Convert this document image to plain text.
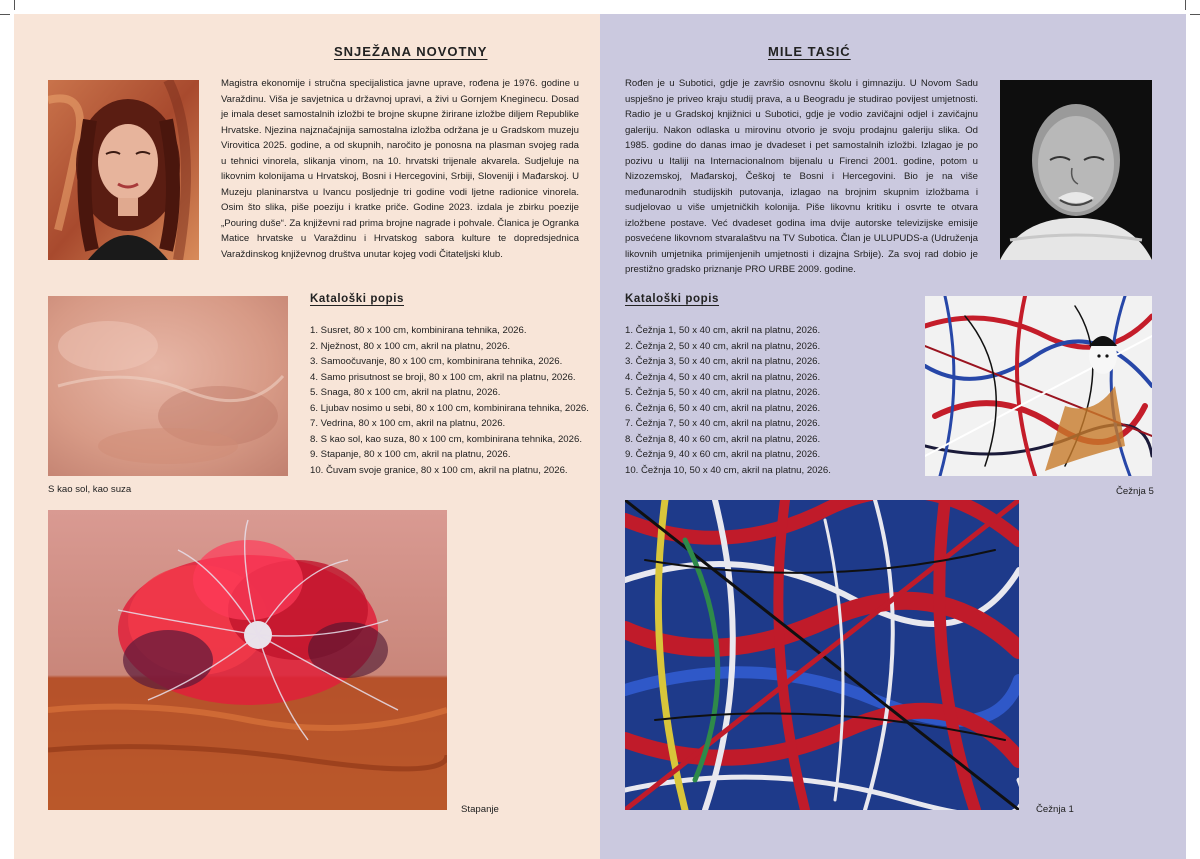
SNJEŽANA NOVOTNY
Magistra ekonomije i stručna specijalistica javne uprave, rođena je 1976. godine u Varaždinu. Viša je savjetnica u državnoj upravi, a živi u Gornjem Kneginecu. Dosad je imala deset samostalnih izložbi te brojne skupne žirirane izložbe diljem Republike Hrvatske. Njezina najznačajnija samostalna izložba održana je u Gradskom muzeju Virovitica 2025. godine, a od skupnih, naročito je ponosna na plasman svojeg rada u tehnici vinorela, slikanja vinom, na 10. hrvatski trijenale akvarela. Sudjeluje na likovnim kolonijama u Hrvatskoj, Bosni i Hercegovini, Srbiji, Sloveniji i Mađarskoj. U Muzeju planinarstva u Ivancu posljednje tri godine vodi ljetne radionice vinorela. Osim što slika, piše poeziju i kratke priče. Godine 2023. izdala je zbirku poezije „Pouring duše“. Za književni rad prima brojne nagrade i pohvale. Članica je Ogranka Matice hrvatske u Varaždinu i Hrvatskog sabora kulture te dopredsjednica Varaždinskog književnog društva unutar kojeg vodi Čitateljski klub.
Kataloški popis
1. Susret, 80 x 100 cm, kombinirana tehnika, 2026.
2. Nježnost, 80 x 100 cm, akril na platnu, 2026.
3. Samoočuvanje, 80 x 100 cm, kombinirana tehnika, 2026.
4. Samo prisutnost se broji, 80 x 100 cm, akril na platnu, 2026.
5. Snaga, 80 x 100 cm, akril na platnu, 2026.
6. Ljubav nosimo u sebi, 80 x 100 cm, kombinirana tehnika, 2026.
7. Vedrina, 80 x 100 cm, akril na platnu, 2026.
8. S kao sol, kao suza, 80 x 100 cm, kombinirana tehnika, 2026.
9. Stapanje, 80 x 100 cm, akril na platnu, 2026.
10. Čuvam svoje granice, 80 x 100 cm, akril na platnu, 2026.
S kao sol, kao suza
Stapanje
MILE TASIĆ
Rođen je u Subotici, gdje je završio osnovnu školu i gimnaziju. U Novom Sadu uspješno je priveo kraju studij prava, a u Beogradu je studirao povijest umjetnosti. Radio je u Gradskoj knjižnici u Subotici, gdje je vodio zavičajni odjel i zavičajnu galeriju. Nakon odlaska u mirovinu otvorio je svoju prodajnu galeriju slika. Od 1985. godine do danas imao je dvadeset i pet samostalnih izložbi. Izlagao je po pozivu u Italiji na Internacionalnom bijenalu u Firenci 2001. godine, potom u Nizozemskoj, Mađarskoj, Češkoj te Bosni i Hercegovini. Bio je na više međunarodnih studijskih putovanja, izlagao na brojnim skupnim izložbama i sudjelovao u više umjetničkih kolonija. Piše likovnu kritiku i osvrte te otvara izložbene postave. Već dvadeset godina ima dvije autorske televizijske emisije posvećene likovnom stvaralaštvu na TV Subotica. Član je ULUPUDS-a (Udruženja likovnih umjetnika primijenjenih umjetnosti i dizajna Srbije). Za svoj rad dobio je prestižno gradsko priznanje PRO URBE 2009. godine.
Kataloški popis
1. Čežnja 1, 50 x 40 cm, akril na platnu, 2026.
2. Čežnja 2, 50 x 40 cm, akril na platnu, 2026.
3. Čežnja 3, 50 x 40 cm, akril na platnu, 2026.
4. Čežnja 4, 50 x 40 cm, akril na platnu, 2026.
5. Čežnja 5, 50 x 40 cm, akril na platnu, 2026.
6. Čežnja 6, 50 x 40 cm, akril na platnu, 2026.
7. Čežnja 7, 50 x 40 cm, akril na platnu, 2026.
8. Čežnja 8, 40 x 60 cm, akril na platnu, 2026.
9. Čežnja 9, 40 x 60 cm, akril na platnu, 2026.
10. Čežnja 10, 50 x 40 cm, akril na platnu, 2026.
Čežnja 5
Čežnja 1
